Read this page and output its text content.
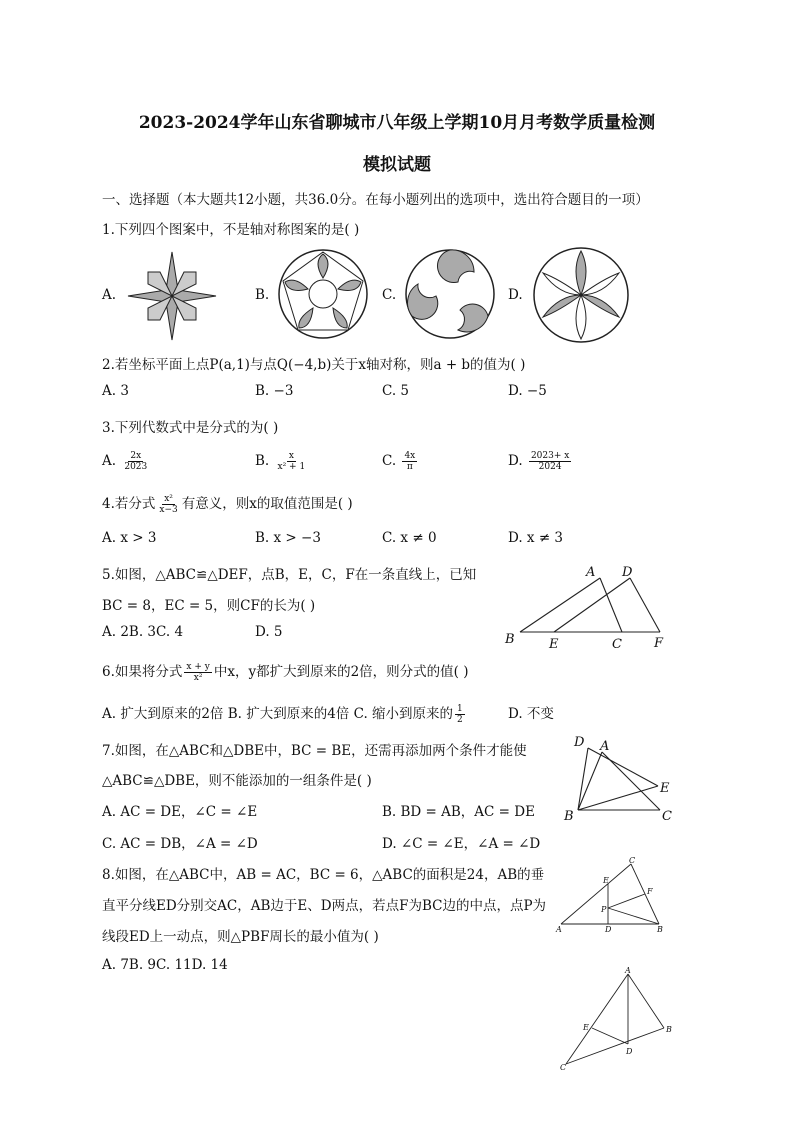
2023-2024学年山东省聊城市八年级上学期10月月考数学质量检测
模拟试题
一、选择题（本大题共12小题，共36.0分。在每小题列出的选项中，选出符合题目的一项）
1.下列四个图案中，不是轴对称图案的是( )
A.	B.	C.	D.
2.若坐标平面上点P(a,1)与点Q(−4,b)关于x轴对称，则a + b的值为( )
A. 3	B. −3	C. 5	D. −5
3.下列代数式中是分式的为( )
A. $\frac{2x}{2023}$	B. $\frac{x}{\text{x² + 1}}$	C. $\frac{4x}{\pi}$	D. $\frac{2023+ x}{2024}$
4.若分式 $\frac{\text{x²}}{x-3}$ 有意义，则x的取值范围是( )
A. x > 3	B. x > −3	C. x ≠ 0	D. x ≠ 3
5.如图，△ABC≌△DEF，点B，E，C，F在一条直线上，已知
BC = 8，EC = 5，则CF的长为( )
A. 2B. 3C. 4	D. 5
A D
B	E	C F
6.如果将分式 $\frac{x + y}{\text{x²}}$ 中x，y都扩大到原来的2倍，则分式的值( )
A. 扩大到原来的2倍 B. 扩大到原来的4倍 C. 缩小到原来的 $\frac{1}{2}$	D. 不变
7.如图，在△ABC和△DBE中，BC = BE，还需再添加两个条件才能使
△ABC≌△DBE，则不能添加的一组条件是( )
A. AC = DE，∠C = ∠E	B. BD = AB，AC = DE
C. AC = DB，∠A = ∠D	D. ∠C = ∠E，∠A = ∠D
D A
E
B	C
8.如图，在△ABC中，AB = AC，BC = 6，△ABC的面积是24，AB的垂
直平分线ED分别交AC，AB边于E、D两点，若点F为BC边的中点，点P为
线段ED上一动点，则△PBF周长的最小值为( )
A. 7B. 9C. 11D. 14
C
E
F
P
A	D	B
A
E	B
D
C
